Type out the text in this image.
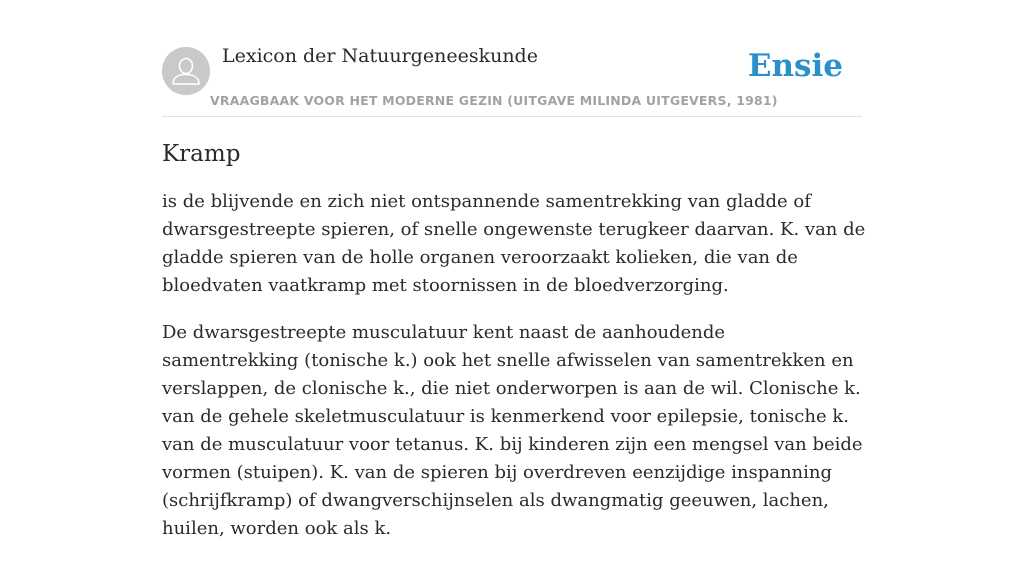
Lexicon der Natuurgeneeskunde
VRAAGBAAK VOOR HET MODERNE GEZIN (UITGAVE MILINDA UITGEVERS, 1981)
Ensie
Kramp

is de blijvende en zich niet ontspannende samentrekking van gladde of dwarsgestreepte spieren, of snelle ongewenste terugkeer daarvan. K. van de gladde spieren van de holle organen veroorzaakt kolieken, die van de bloedvaten vaatkramp met stoornissen in de bloedverzorging.

De dwarsgestreepte musculatuur kent naast de aanhoudende samentrekking (tonische k.) ook het snelle afwisselen van samentrekken en verslappen, de clonische k., die niet onderworpen is aan de wil. Clonische k. van de gehele skeletmusculatuur is kenmerkend voor epilepsie, tonische k. van de musculatuur voor tetanus. K. bij kinderen zijn een mengsel van beide vormen (stuipen). K. van de spieren bij overdreven eenzijdige inspanning (schrijfkramp) of dwangverschijnselen als dwangmatig geeuwen, lachen, huilen, worden ook als k.
